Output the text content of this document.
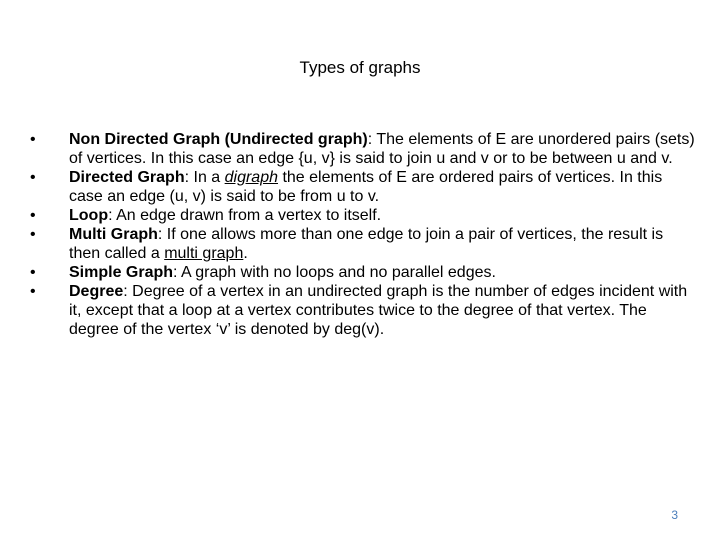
Types of graphs
•	Non Directed Graph (Undirected graph): The elements of E are unordered pairs (sets) of vertices. In this case an edge {u, v} is said to join u and v or to be between u and v.
•	Directed Graph: In a digraph the elements of E are ordered pairs of vertices. In this case an edge (u, v) is said to be from u to v.
•	Loop: An edge drawn from a vertex to itself.
•	Multi Graph: If one allows more than one edge to join a pair of vertices, the result is then called a multi graph.
•	Simple Graph: A graph with no loops and no parallel edges.
•	Degree: Degree of a vertex in an undirected graph is the number of edges incident with it, except that a loop at a vertex contributes twice to the degree of that vertex. The degree of the vertex ‘v’ is denoted by deg(v).
3
